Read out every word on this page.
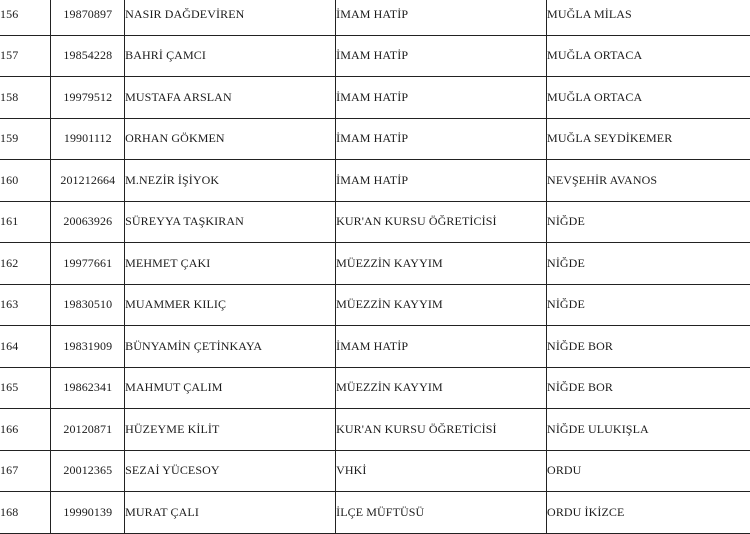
156	19870897	NASIR DAĞDEVİREN	İMAM HATİP	MUĞLA MİLAS
157	19854228	BAHRİ ÇAMCI	İMAM HATİP	MUĞLA ORTACA
158	19979512	MUSTAFA ARSLAN	İMAM HATİP	MUĞLA ORTACA
159	19901112	ORHAN GÖKMEN	İMAM HATİP	MUĞLA SEYDİKEMER
160	201212664	M.NEZİR İŞİYOK	İMAM HATİP	NEVŞEHİR AVANOS
161	20063926	SÜREYYA TAŞKIRAN	KUR'AN KURSU ÖĞRETİCİSİ	NİĞDE
162	19977661	MEHMET ÇAKI	MÜEZZİN KAYYIM	NİĞDE
163	19830510	MUAMMER KILIÇ	MÜEZZİN KAYYIM	NİĞDE
164	19831909	BÜNYAMİN ÇETİNKAYA	İMAM HATİP	NİĞDE BOR
165	19862341	MAHMUT ÇALIM	MÜEZZİN KAYYIM	NİĞDE BOR
166	20120871	HÜZEYME KİLİT	KUR'AN KURSU ÖĞRETİCİSİ	NİĞDE ULUKIŞLA
167	20012365	SEZAİ YÜCESOY	VHKİ	ORDU
168	19990139	MURAT ÇALI	İLÇE MÜFTÜSÜ	ORDU İKİZCE
